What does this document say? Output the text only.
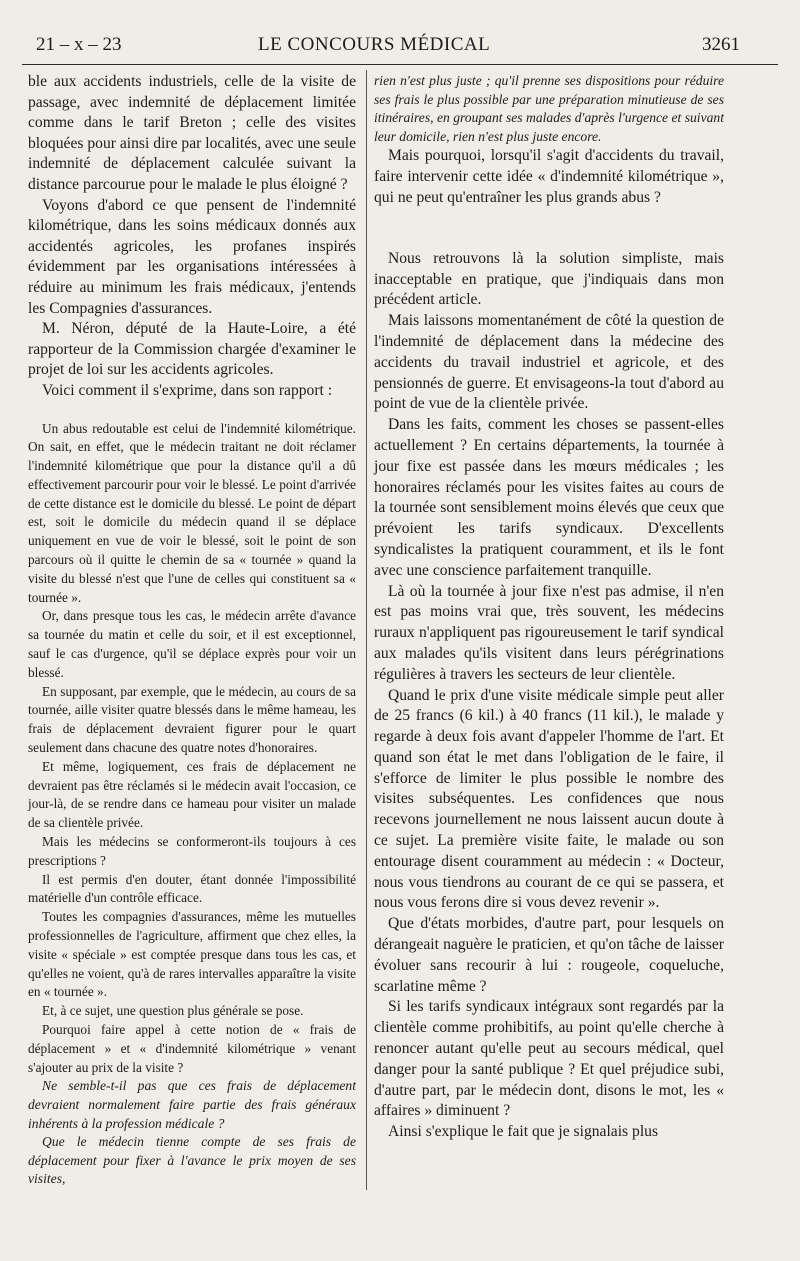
21 – x – 23	LE CONCOURS MÉDICAL	3261

ble aux accidents industriels, celle de la visite de passage, avec indemnité de déplacement limitée comme dans le tarif Breton ; celle des visites bloquées pour ainsi dire par localités, avec une seule indemnité de déplacement calculée suivant la distance parcourue pour le malade le plus éloigné ?

Voyons d'abord ce que pensent de l'indemnité kilométrique, dans les soins médicaux donnés aux accidentés agricoles, les profanes inspirés évidemment par les organisations intéressées à réduire au minimum les frais médicaux, j'entends les Compagnies d'assurances.

M. Néron, député de la Haute-Loire, a été rapporteur de la Commission chargée d'examiner le projet de loi sur les accidents agricoles.

Voici comment il s'exprime, dans son rapport :

Un abus redoutable est celui de l'indemnité kilométrique. On sait, en effet, que le médecin traitant ne doit réclamer l'indemnité kilométrique que pour la distance qu'il a dû effectivement parcourir pour voir le blessé. Le point d'arrivée de cette distance est le domicile du blessé. Le point de départ est, soit le domicile du médecin quand il se déplace uniquement en vue de voir le blessé, soit le point de son parcours où il quitte le chemin de sa « tournée » quand la visite du blessé n'est que l'une de celles qui constituent sa « tournée ».

Or, dans presque tous les cas, le médecin arrête d'avance sa tournée du matin et celle du soir, et il est exceptionnel, sauf le cas d'urgence, qu'il se déplace exprès pour voir un blessé.

En supposant, par exemple, que le médecin, au cours de sa tournée, aille visiter quatre blessés dans le même hameau, les frais de déplacement devraient figurer pour le quart seulement dans chacune des quatre notes d'honoraires.

Et même, logiquement, ces frais de déplacement ne devraient pas être réclamés si le médecin avait l'occasion, ce jour-là, de se rendre dans ce hameau pour visiter un malade de sa clientèle privée.

Mais les médecins se conformeront-ils toujours à ces prescriptions ?

Il est permis d'en douter, étant donnée l'impossibilité matérielle d'un contrôle efficace.

Toutes les compagnies d'assurances, même les mutuelles professionnelles de l'agriculture, affirment que chez elles, la visite « spéciale » est comptée presque dans tous les cas, et qu'elles ne voient, qu'à de rares intervalles apparaître la visite en « tournée ».

Et, à ce sujet, une question plus générale se pose.

Pourquoi faire appel à cette notion de « frais de déplacement » et « d'indemnité kilométrique » venant s'ajouter au prix de la visite ?

Ne semble-t-il pas que ces frais de déplacement devraient normalement faire partie des frais généraux inhérents à la profession médicale ?

Que le médecin tienne compte de ses frais de déplacement pour fixer à l'avance le prix moyen de ses visites,

rien n'est plus juste ; qu'il prenne ses dispositions pour réduire ses frais le plus possible par une préparation minutieuse de ses itinéraires, en groupant ses malades d'après l'urgence et suivant leur domicile, rien n'est plus juste encore.

Mais pourquoi, lorsqu'il s'agit d'accidents du travail, faire intervenir cette idée « d'indemnité kilométrique », qui ne peut qu'entraîner les plus grands abus ?

Nous retrouvons là la solution simpliste, mais inacceptable en pratique, que j'indiquais dans mon précédent article.

Mais laissons momentanément de côté la question de l'indemnité de déplacement dans la médecine des accidents du travail industriel et agricole, et des pensionnés de guerre. Et envisageons-la tout d'abord au point de vue de la clientèle privée.

Dans les faits, comment les choses se passent-elles actuellement ? En certains départements, la tournée à jour fixe est passée dans les mœurs médicales ; les honoraires réclamés pour les visites faites au cours de la tournée sont sensiblement moins élevés que ceux que prévoient les tarifs syndicaux. D'excellents syndicalistes la pratiquent couramment, et ils le font avec une conscience parfaitement tranquille.

Là où la tournée à jour fixe n'est pas admise, il n'en est pas moins vrai que, très souvent, les médecins ruraux n'appliquent pas rigoureusement le tarif syndical aux malades qu'ils visitent dans leurs pérégrinations régulières à travers les secteurs de leur clientèle.

Quand le prix d'une visite médicale simple peut aller de 25 francs (6 kil.) à 40 francs (11 kil.), le malade y regarde à deux fois avant d'appeler l'homme de l'art. Et quand son état le met dans l'obligation de le faire, il s'efforce de limiter le plus possible le nombre des visites subséquentes. Les confidences que nous recevons journellement ne nous laissent aucun doute à ce sujet. La première visite faite, le malade ou son entourage disent couramment au médecin : « Docteur, nous vous tiendrons au courant de ce qui se passera, et nous vous ferons dire si vous devez revenir ».

Que d'états morbides, d'autre part, pour lesquels on dérangeait naguère le praticien, et qu'on tâche de laisser évoluer sans recourir à lui : rougeole, coqueluche, scarlatine même ?

Si les tarifs syndicaux intégraux sont regardés par la clientèle comme prohibitifs, au point qu'elle cherche à renoncer autant qu'elle peut au secours médical, quel danger pour la santé publique ? Et quel préjudice subi, d'autre part, par le médecin dont, disons le mot, les « affaires » diminuent ?

Ainsi s'explique le fait que je signalais plus
